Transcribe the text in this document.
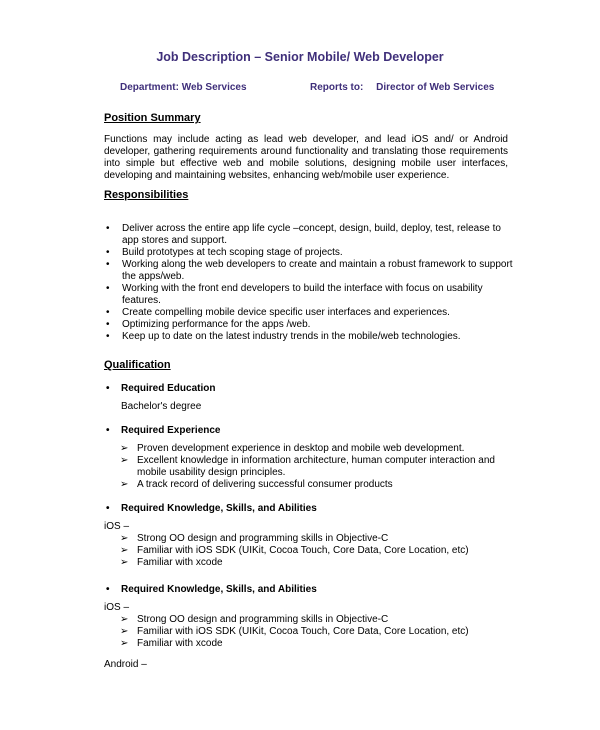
Job Description – Senior Mobile/ Web Developer
Department: Web Services	Reports to: Director of Web Services
Position Summary
Functions may include acting as lead web developer, and lead iOS and/ or Android developer, gathering requirements around functionality and translating those requirements into simple but effective web and mobile solutions, designing mobile user interfaces, developing and maintaining websites, enhancing web/mobile user experience.
Responsibilities
• Deliver across the entire app life cycle –concept, design, build, deploy, test, release to app stores and support.
• Build prototypes at tech scoping stage of projects.
• Working along the web developers to create and maintain a robust framework to support the apps/web.
• Working with the front end developers to build the interface with focus on usability features.
• Create compelling mobile device specific user interfaces and experiences.
• Optimizing performance for the apps /web.
• Keep up to date on the latest industry trends in the mobile/web technologies.
Qualification
• Required Education
Bachelor's degree
• Required Experience
➢ Proven development experience in desktop and mobile web development.
➢ Excellent knowledge in information architecture, human computer interaction and mobile usability design principles.
➢ A track record of delivering successful consumer products
• Required Knowledge, Skills, and Abilities
iOS –
➢ Strong OO design and programming skills in Objective-C
➢ Familiar with iOS SDK (UIKit, Cocoa Touch, Core Data, Core Location, etc)
➢ Familiar with xcode
• Required Knowledge, Skills, and Abilities
iOS –
➢ Strong OO design and programming skills in Objective-C
➢ Familiar with iOS SDK (UIKit, Cocoa Touch, Core Data, Core Location, etc)
➢ Familiar with xcode
Android –
